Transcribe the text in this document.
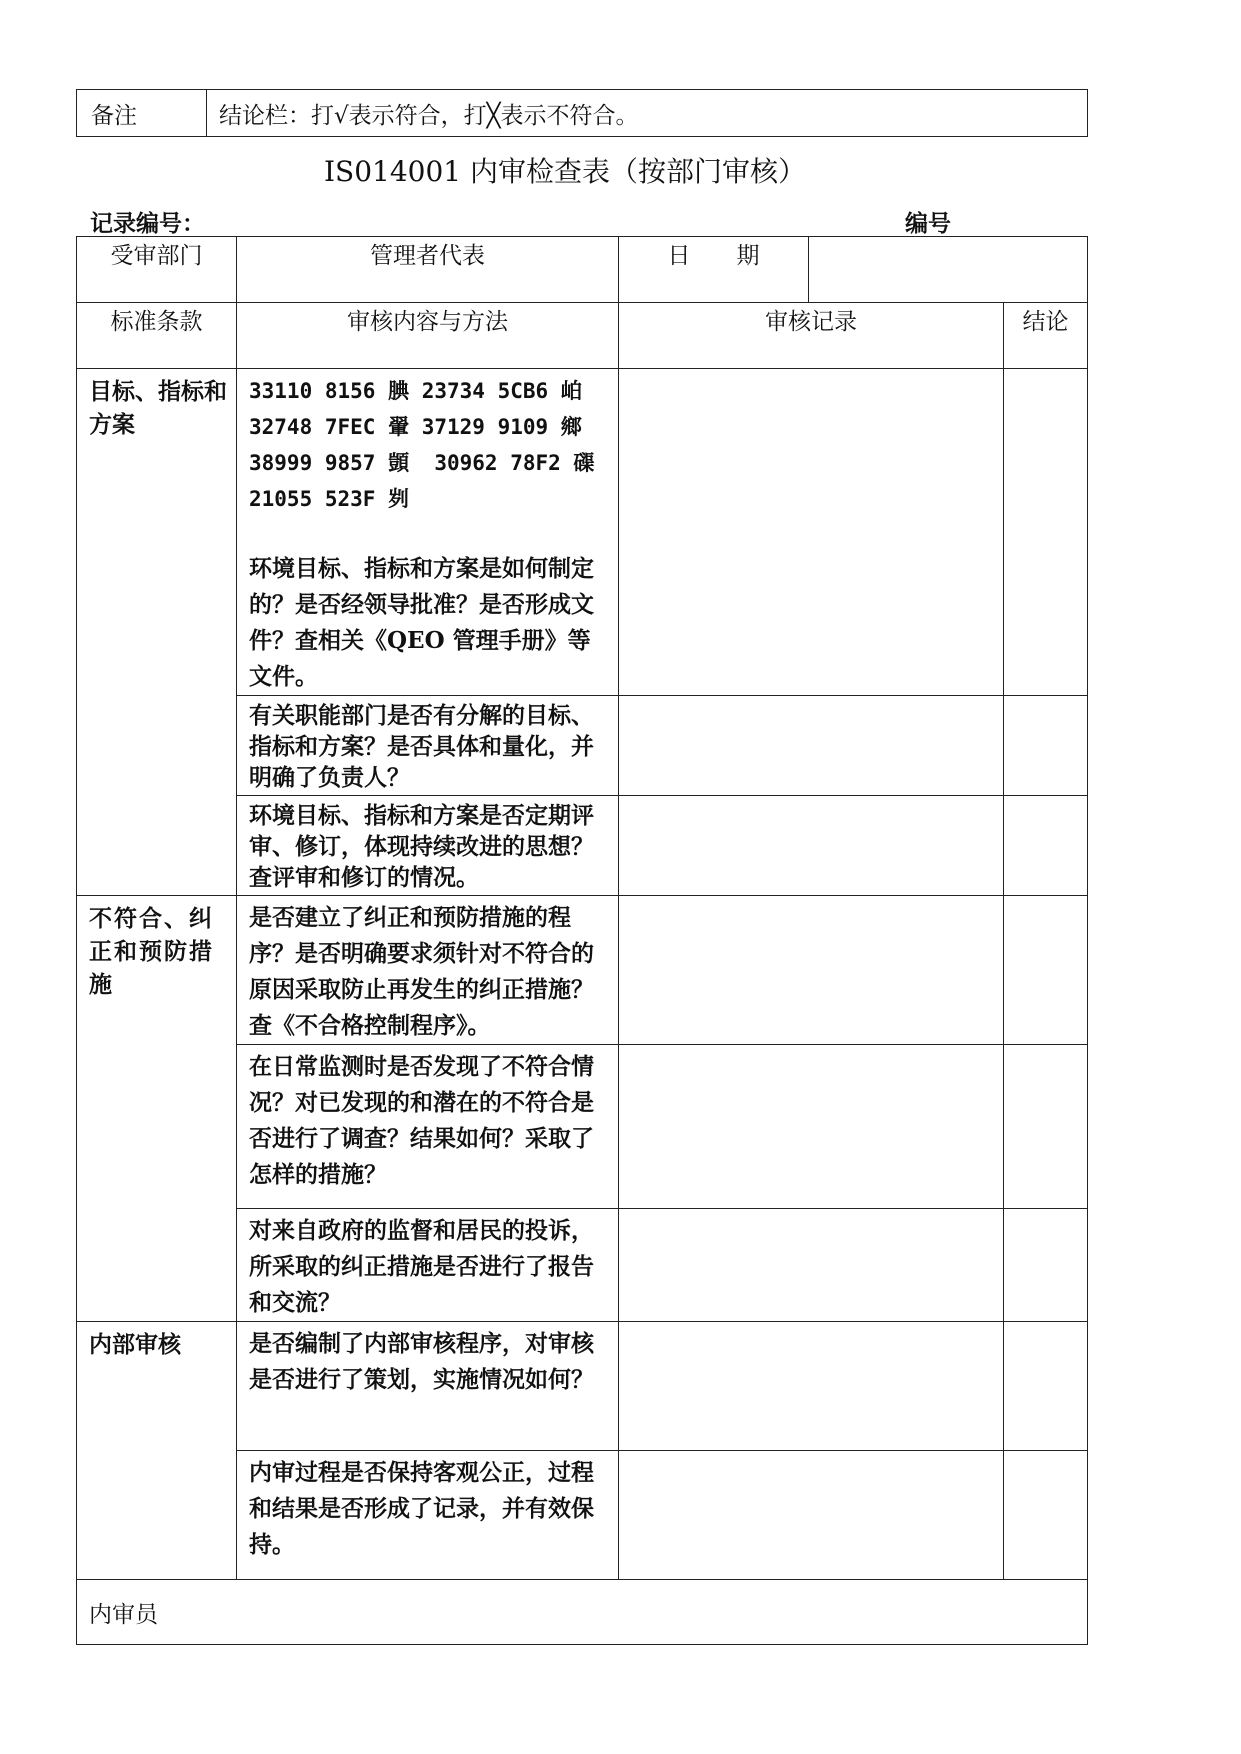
备注	结论栏：打√表示符合，打╳表示不符合。
IS014001 内审检查表（按部门审核）
记录编号：	编号
受审部门	管理者代表	日　　期		
标准条款	审核内容与方法	审核记录		结论
目标、指标和方案	33110 8156 腆 23734 5CB6 岶
32748 7FEC 翬 37129 9109 鄉
38999 9857 顗  30962 78F2 磲
21055 523F 刿

环境目标、指标和方案是如何制定的？是否经领导批准？是否形成文件？查相关《QEO 管理手册》等文件。			

	有关职能部门是否有分解的目标、指标和方案？是否具体和量化，并明确了负责人？			
	环境目标、指标和方案是否定期评审、修订，体现持续改进的思想？查评审和修订的情况。			
不符合、纠正和预防措施	是否建立了纠正和预防措施的程序？是否明确要求须针对不符合的原因采取防止再发生的纠正措施？查《不合格控制程序》。			
	在日常监测时是否发现了不符合情况？对已发现的和潜在的不符合是否进行了调查？结果如何？采取了怎样的措施？			
	对来自政府的监督和居民的投诉，所采取的纠正措施是否进行了报告和交流？			
内部审核	是否编制了内部审核程序，对审核是否进行了策划，实施情况如何？			
	内审过程是否保持客观公正，过程和结果是否形成了记录，并有效保持。			
内审员				
